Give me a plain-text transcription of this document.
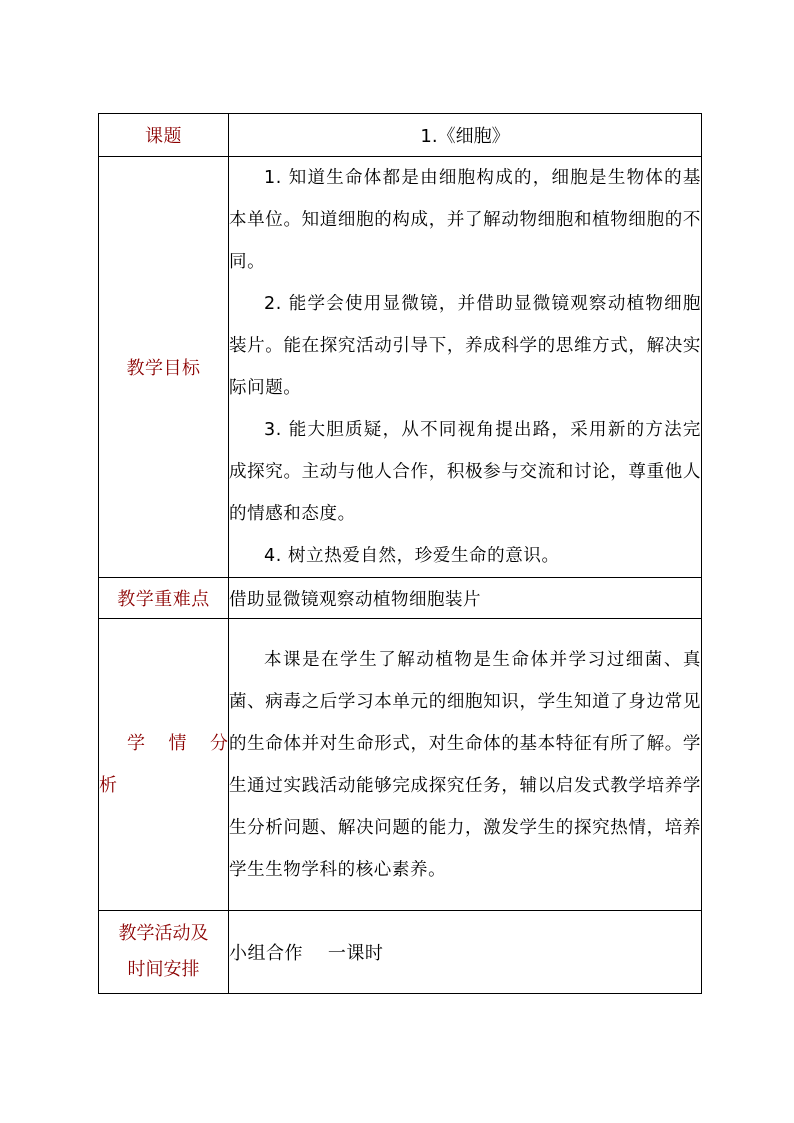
课题	1.《细胞》
教学目标	1. 知道生命体都是由细胞构成的，细胞是生物体的基本单位。知道细胞的构成，并了解动物细胞和植物细胞的不同。

2. 能学会使用显微镜，并借助显微镜观察动植物细胞装片。能在探究活动引导下，养成科学的思维方式，解决实际问题。

3. 能大胆质疑，从不同视角提出路，采用新的方法完成探究。主动与他人合作，积极参与交流和讨论，尊重他人的情感和态度。

4. 树立热爱自然，珍爱生命的意识。

教学重难点	借助显微镜观察动植物细胞装片

学 情 分
析	本课是在学生了解动植物是生命体并学习过细菌、真菌、病毒之后学习本单元的细胞知识，学生知道了身边常见的生命体并对生命形式，对生命体的基本特征有所了解。学生通过实践活动能够完成探究任务，辅以启发式教学培养学生分析问题、解决问题的能力，激发学生的探究热情，培养学生生物学科的核心素养。

教学活动及
时间安排	小组合作    一课时
